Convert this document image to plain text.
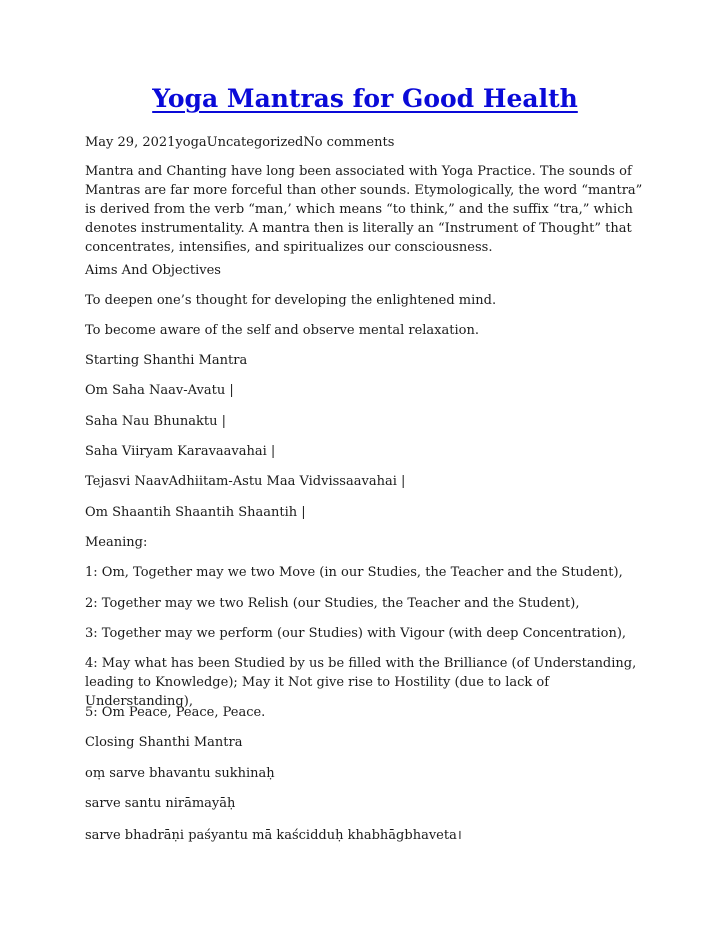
Yoga Mantras for Good Health

May 29, 2021yogaUncategorizedNo comments

Mantra and Chanting have long been associated with Yoga Practice. The sounds of Mantras are far more forceful than other sounds. Etymologically, the word “mantra” is derived from the verb “man,’ which means “to think,” and the suffix “tra,” which denotes instrumentality. A mantra then is literally an “Instrument of Thought” that concentrates, intensifies, and spiritualizes our consciousness.

Aims And Objectives

To deepen one’s thought for developing the enlightened mind.

To become aware of the self and observe mental relaxation.

Starting Shanthi Mantra

Om Saha Naav-Avatu |

Saha Nau Bhunaktu |

Saha Viiryam Karavaavahai |

Tejasvi NaavAdhiitam-Astu Maa Vidvissaavahai |

Om Shaantih Shaantih Shaantih |

Meaning:

1: Om, Together may we two Move (in our Studies, the Teacher and the Student),

2: Together may we two Relish (our Studies, the Teacher and the Student),

3: Together may we perform (our Studies) with Vigour (with deep Concentration),

4: May what has been Studied by us be filled with the Brilliance (of Understanding, leading to Knowledge); May it Not give rise to Hostility (due to lack of Understanding),

5: Om Peace, Peace, Peace.

Closing Shanthi Mantra

oṃ sarve bhavantu sukhinaḥ

sarve santu nirāmayāḥ

sarve bhadrāṇi paśyantu mā kaścidduḥ khabhāgbhaveta।
